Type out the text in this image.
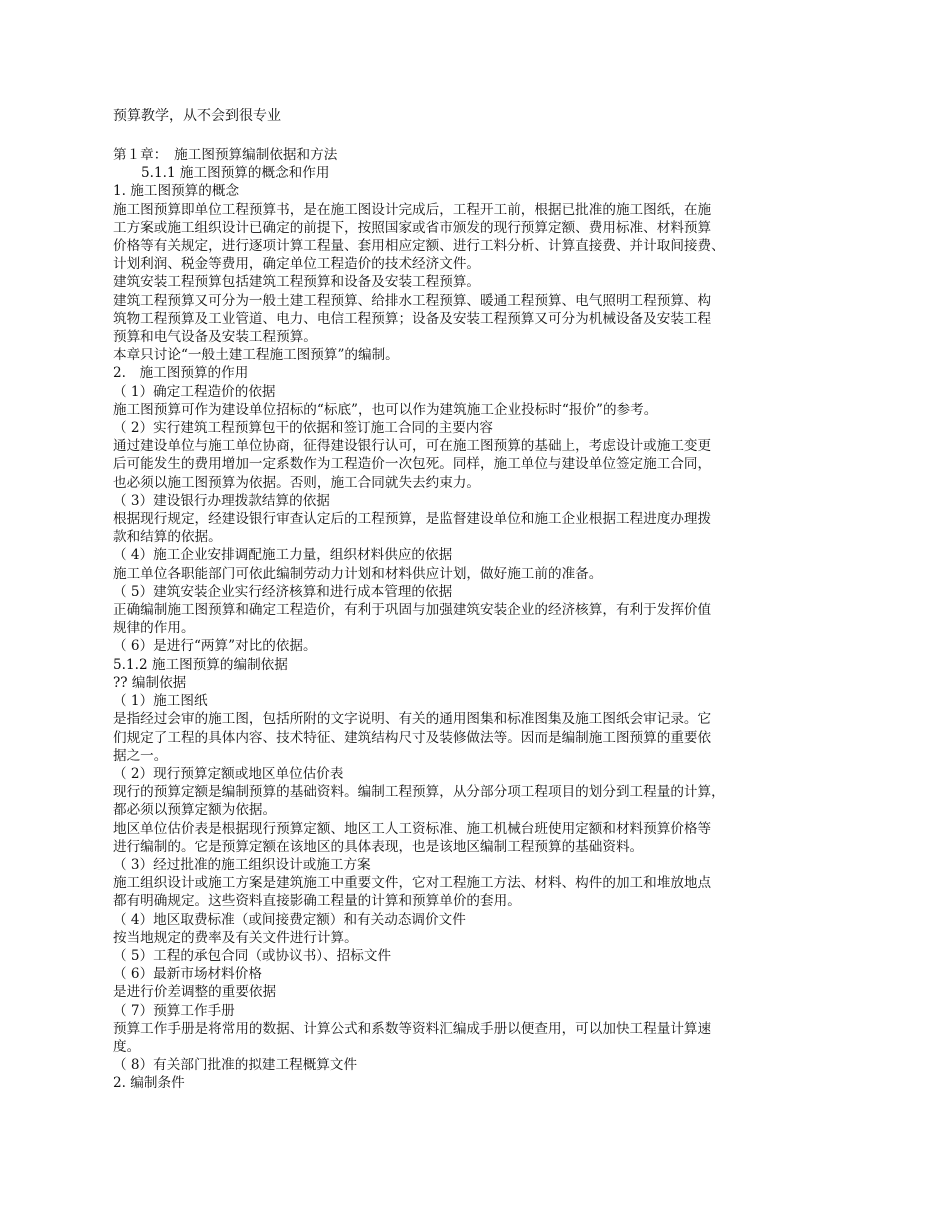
预算教学，从不会到很专业
第１章：　施工图预算编制依据和方法
5.1.1 施工图预算的概念和作用
1. 施工图预算的概念
施工图预算即单位工程预算书，是在施工图设计完成后，工程开工前，根据已批准的施工图纸，在施
工方案或施工组织设计已确定的前提下，按照国家或省市颁发的现行预算定额、费用标准、材料预算
价格等有关规定，进行逐项计算工程量、套用相应定额、进行工料分析、计算直接费、并计取间接费、
计划利润、税金等费用，确定单位工程造价的技术经济文件。
建筑安装工程预算包括建筑工程预算和设备及安装工程预算。
建筑工程预算又可分为一般土建工程预算、给排水工程预算、暖通工程预算、电气照明工程预算、构
筑物工程预算及工业管道、电力、电信工程预算；设备及安装工程预算又可分为机械设备及安装工程
预算和电气设备及安装工程预算。
本章只讨论“一般土建工程施工图预算”的编制。
2.　施工图预算的作用
（ 1）确定工程造价的依据
施工图预算可作为建设单位招标的“标底”，也可以作为建筑施工企业投标时“报价”的参考。
（ 2）实行建筑工程预算包干的依据和签订施工合同的主要内容
通过建设单位与施工单位协商，征得建设银行认可，可在施工图预算的基础上，考虑设计或施工变更
后可能发生的费用增加一定系数作为工程造价一次包死。同样，施工单位与建设单位签定施工合同，
也必须以施工图预算为依据。否则，施工合同就失去约束力。
（ 3）建设银行办理拨款结算的依据
根据现行规定，经建设银行审查认定后的工程预算，是监督建设单位和施工企业根据工程进度办理拨
款和结算的依据。
（ 4）施工企业安排调配施工力量，组织材料供应的依据
施工单位各职能部门可依此编制劳动力计划和材料供应计划，做好施工前的准备。
（ 5）建筑安装企业实行经济核算和进行成本管理的依据
正确编制施工图预算和确定工程造价，有利于巩固与加强建筑安装企业的经济核算，有利于发挥价值
规律的作用。
（ 6）是进行“两算”对比的依据。
5.1.2 施工图预算的编制依据
?? 编制依据
（ 1）施工图纸
是指经过会审的施工图，包括所附的文字说明、有关的通用图集和标准图集及施工图纸会审记录。它
们规定了工程的具体内容、技术特征、建筑结构尺寸及装修做法等。因而是编制施工图预算的重要依
据之一。
（ 2）现行预算定额或地区单位估价表
现行的预算定额是编制预算的基础资料。编制工程预算，从分部分项工程项目的划分到工程量的计算，
都必须以预算定额为依据。
地区单位估价表是根据现行预算定额、地区工人工资标准、施工机械台班使用定额和材料预算价格等
进行编制的。它是预算定额在该地区的具体表现，也是该地区编制工程预算的基础资料。
（ 3）经过批准的施工组织设计或施工方案
施工组织设计或施工方案是建筑施工中重要文件，它对工程施工方法、材料、构件的加工和堆放地点
都有明确规定。这些资料直接影确工程量的计算和预算单价的套用。
（ 4）地区取费标准（或间接费定额）和有关动态调价文件
按当地规定的费率及有关文件进行计算。
（ 5）工程的承包合同（或协议书）、招标文件
（ 6）最新市场材料价格
是进行价差调整的重要依据
（ 7）预算工作手册
预算工作手册是将常用的数据、计算公式和系数等资料汇编成手册以便查用，可以加快工程量计算速
度。
（ 8）有关部门批准的拟建工程概算文件
2. 编制条件
